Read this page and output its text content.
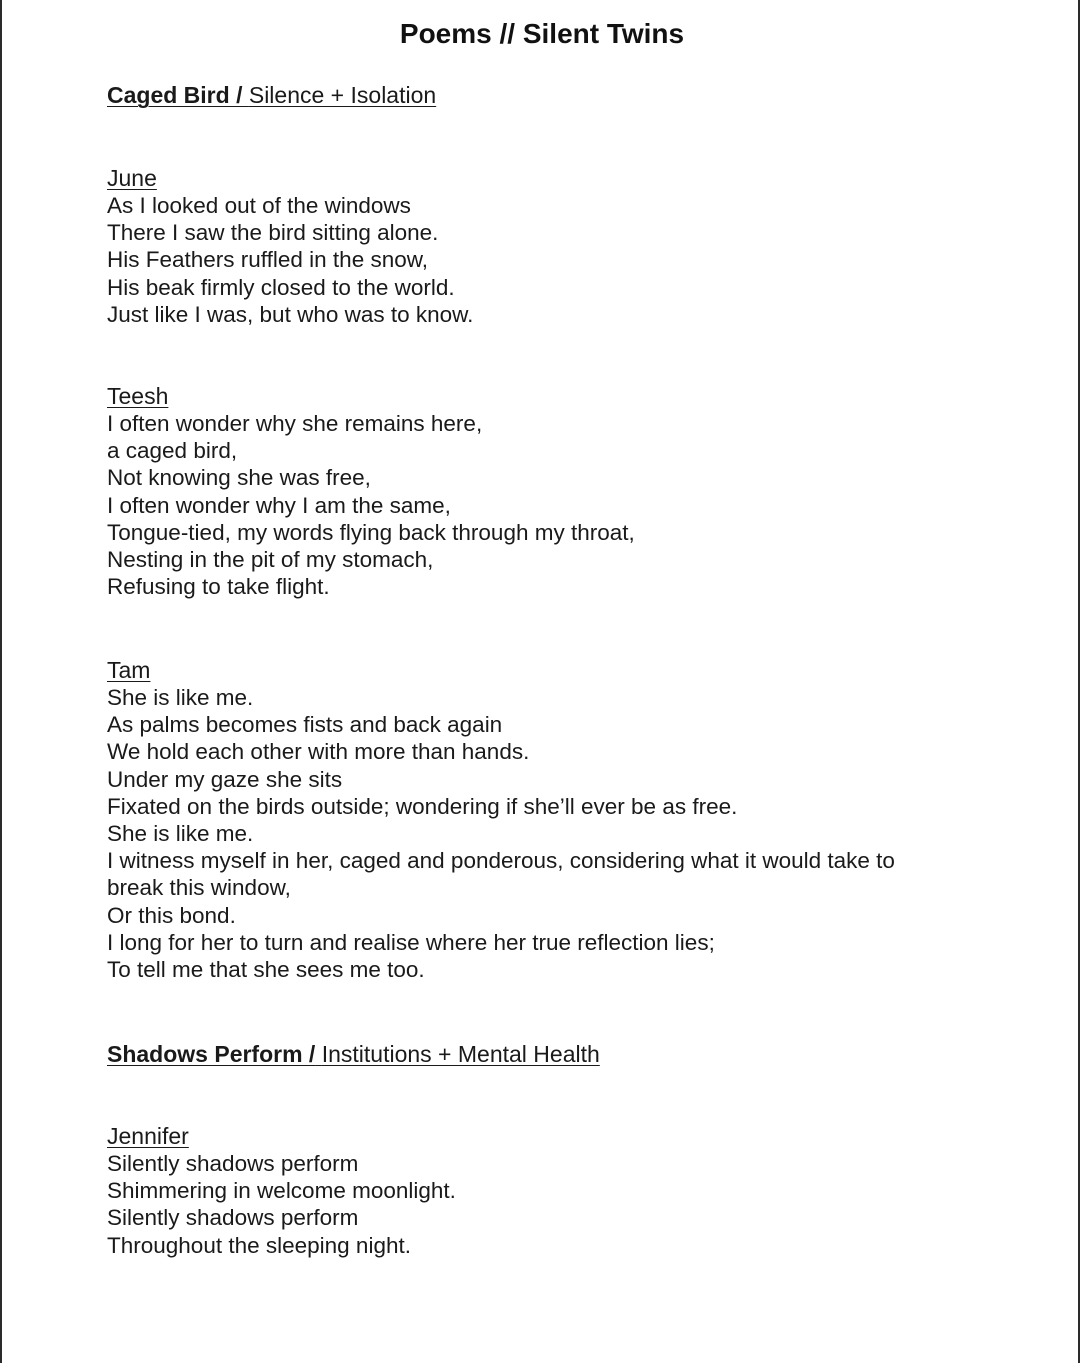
Poems // Silent Twins
Caged Bird / Silence + Isolation
June
As I looked out of the windows
There I saw the bird sitting alone.
His Feathers ruffled in the snow,
His beak firmly closed to the world.
Just like I was, but who was to know.
Teesh
I often wonder why she remains here,
a caged bird,
Not knowing she was free,
I often wonder why I am the same,
Tongue-tied, my words flying back through my throat,
Nesting in the pit of my stomach,
Refusing to take flight.
Tam
She is like me.
As palms becomes fists and back again
We hold each other with more than hands.
Under my gaze she sits
Fixated on the birds outside; wondering if she’ll ever be as free.
She is like me.
I witness myself in her, caged and ponderous, considering what it would take to
break this window,
Or this bond.
I long for her to turn and realise where her true reflection lies;
To tell me that she sees me too.
Shadows Perform / Institutions + Mental Health
Jennifer
Silently shadows perform
Shimmering in welcome moonlight.
Silently shadows perform
Throughout the sleeping night.
